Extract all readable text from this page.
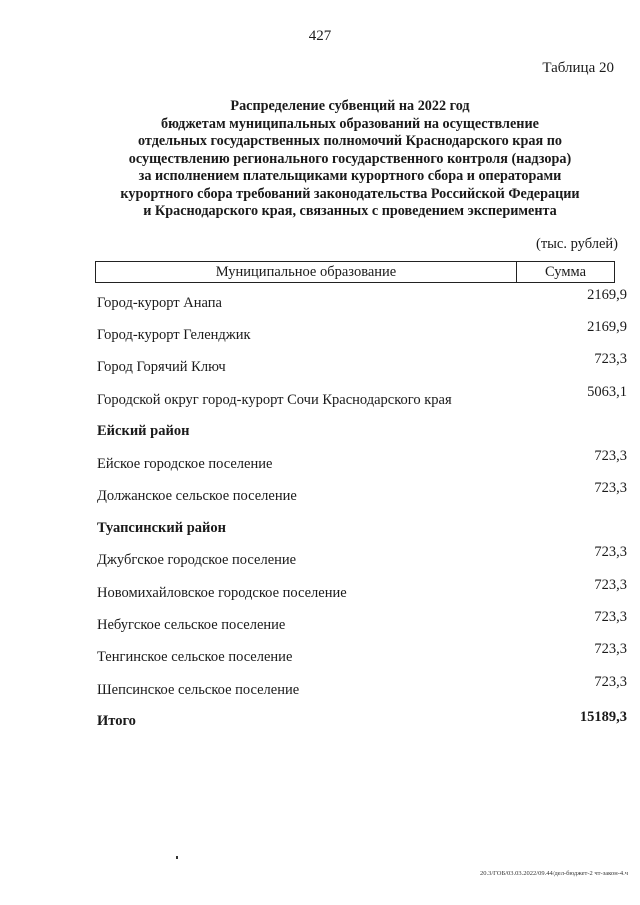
427
Таблица 20
Распределение субвенций на 2022 год
бюджетам муниципальных образований на осуществление
отдельных государственных полномочий Краснодарского края по
осуществлению регионального государственного контроля (надзора)
за исполнением плательщиками курортного сбора и операторами
курортного сбора требований законодательства Российской Федерации
и Краснодарского края, связанных с проведением эксперимента
(тыс. рублей)
Муниципальное образование	Сумма
Город-курорт Анапа	2169,9
Город-курорт Геленджик	2169,9
Город Горячий Ключ	723,3
Городской округ город-курорт Сочи Краснодарского края	5063,1
Ейский район
Ейское городское поселение	723,3
Должанское сельское поселение	723,3
Туапсинский район
Джубгское городское поселение	723,3
Новомихайловское городское поселение	723,3
Небугское сельское поселение	723,3
Тенгинское сельское поселение	723,3
Шепсинское сельское поселение	723,3
Итого	15189,3
20.3/ГОБ/03.03.2022/09.44/дел-бюджет-2 чт-закон-4.ч
